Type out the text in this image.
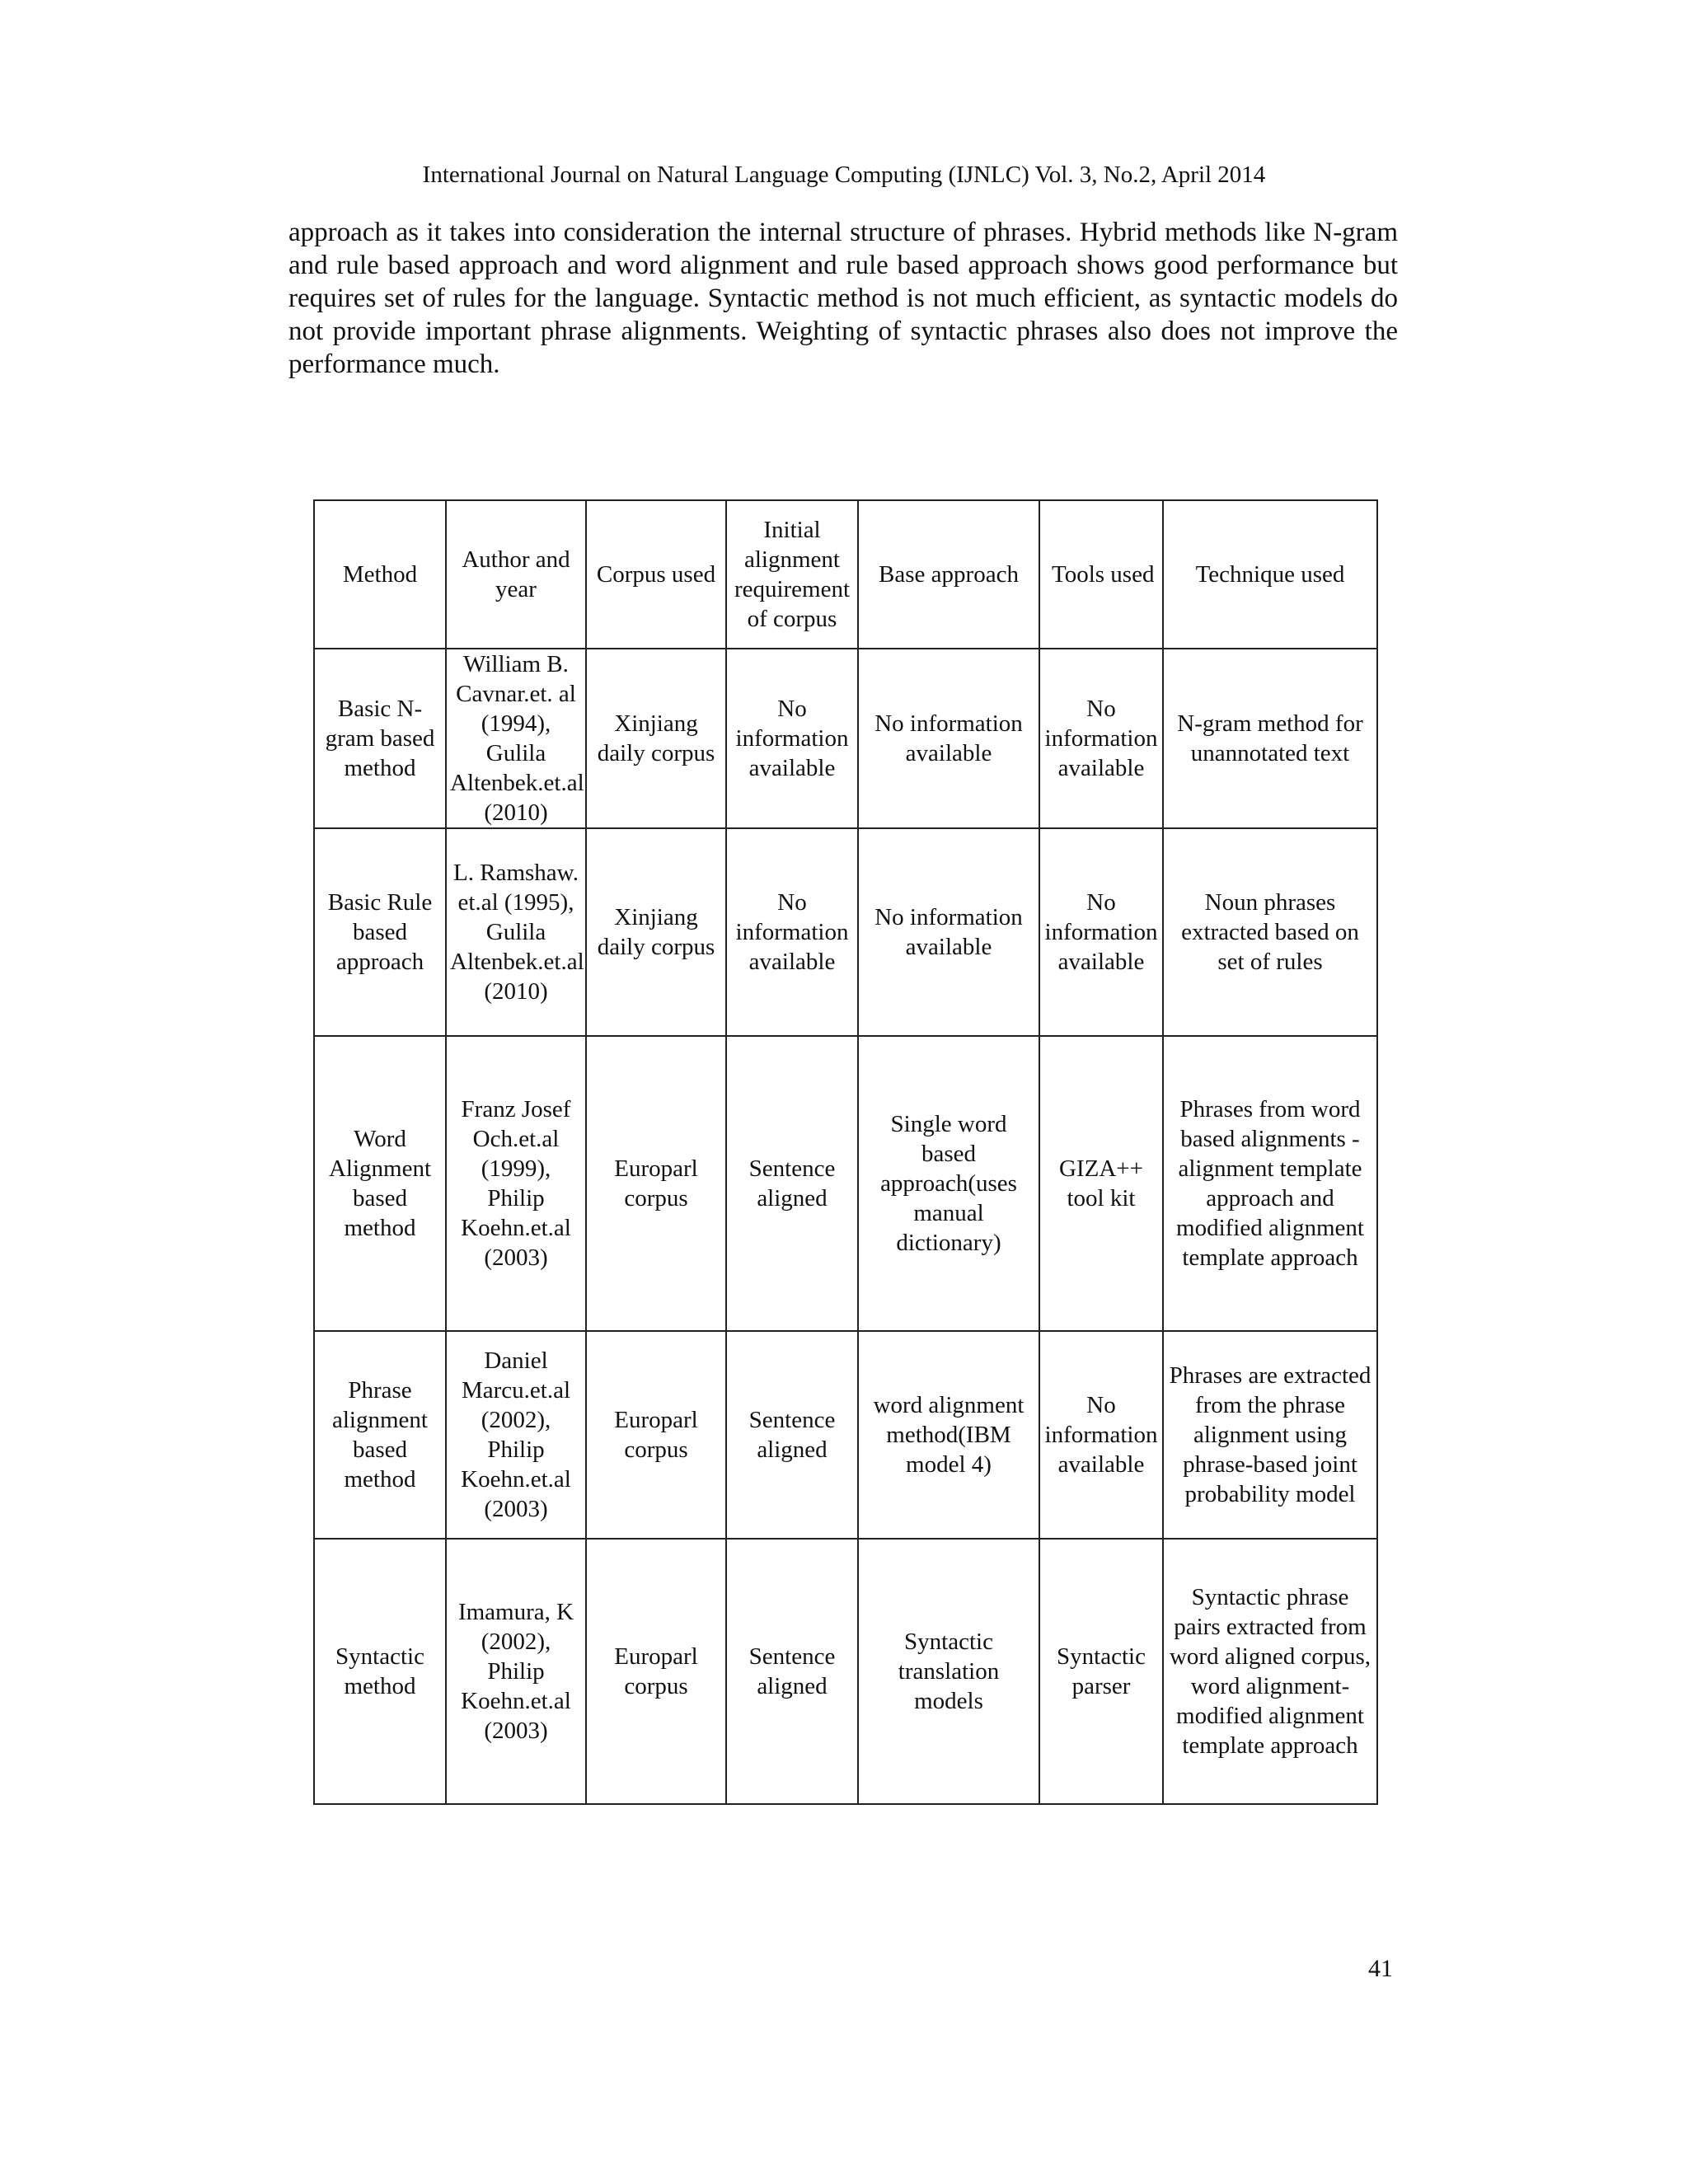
International Journal on Natural Language Computing (IJNLC) Vol. 3, No.2, April 2014

approach as it takes into consideration the internal structure of phrases. Hybrid methods like N-gram and rule based approach and word alignment and rule based approach shows good performance but requires set of rules for the language. Syntactic method is not much efficient, as syntactic models do not provide important phrase alignments. Weighting of syntactic phrases also does not improve the performance much.

Method	Author and year	Corpus used	Initial alignment requirement of corpus	Base approach	Tools used	Technique used
Basic N-gram based method	William B. Cavnar.et. al (1994), Gulila Altenbek.et.al (2010)	Xinjiang daily corpus	No information available	No information available	No information available	N-gram method for unannotated text
Basic Rule based approach	L. Ramshaw. et.al (1995), Gulila Altenbek.et.al (2010)	Xinjiang daily corpus	No information available	No information available	No information available	Noun phrases extracted based on set of rules
Word Alignment based method	Franz Josef Och.et.al (1999), Philip Koehn.et.al (2003)	Europarl corpus	Sentence aligned	Single word based approach(uses manual dictionary)	GIZA++ tool kit	Phrases from word based alignments - alignment template approach and modified alignment template approach
Phrase alignment based method	Daniel Marcu.et.al (2002), Philip Koehn.et.al (2003)	Europarl corpus	Sentence aligned	word alignment method(IBM model 4)	No information available	Phrases are extracted from the phrase alignment using phrase-based joint probability model
Syntactic method	Imamura, K (2002), Philip Koehn.et.al (2003)	Europarl corpus	Sentence aligned	Syntactic translation models	Syntactic parser	Syntactic phrase pairs extracted from word aligned corpus, word alignment-modified alignment template approach
41
